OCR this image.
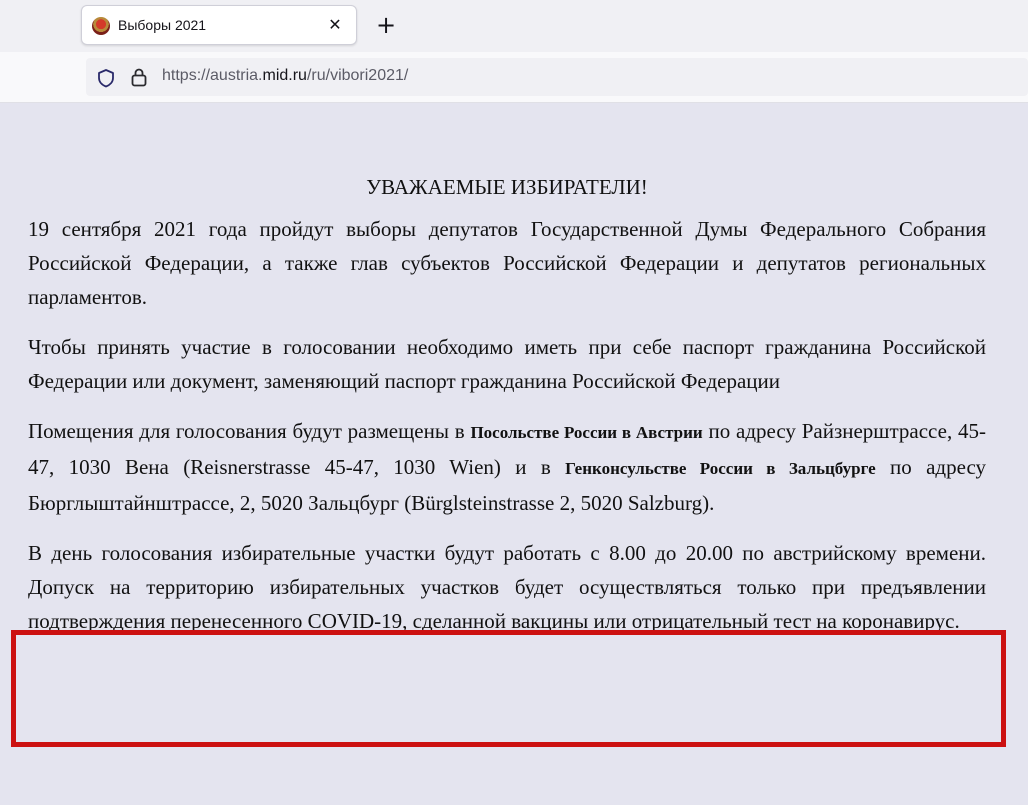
Выборы 2021	✕ +
https://austria.mid.ru/ru/vibori2021/
УВАЖАЕМЫЕ ИЗБИРАТЕЛИ!

19 сентября 2021 года пройдут выборы депутатов Государственной Думы Федерального Собрания Российской Федерации, а также глав субъектов Российской Федерации и депутатов региональных парламентов.

Чтобы принять участие в голосовании необходимо иметь при себе паспорт гражданина Российской Федерации или документ, заменяющий паспорт гражданина Российской Федерации

Помещения для голосования будут размещены в Посольстве России в Австрии по адресу Райзнерштрассе, 45-47, 1030 Вена (Reisnerstrasse 45-47, 1030 Wien) и в Генконсульстве России в Зальцбурге по адресу Бюрглыштайнштрассе, 2, 5020 Зальцбург (Bürglsteinstrasse 2, 5020 Salzburg).

В день голосования избирательные участки будут работать с 8.00 до 20.00 по австрийскому времени. Допуск на территорию избирательных участков будет осуществляться только при предъявлении подтверждения перенесенного COVID-19, сделанной вакцины или отрицательный тест на коронавирус.
